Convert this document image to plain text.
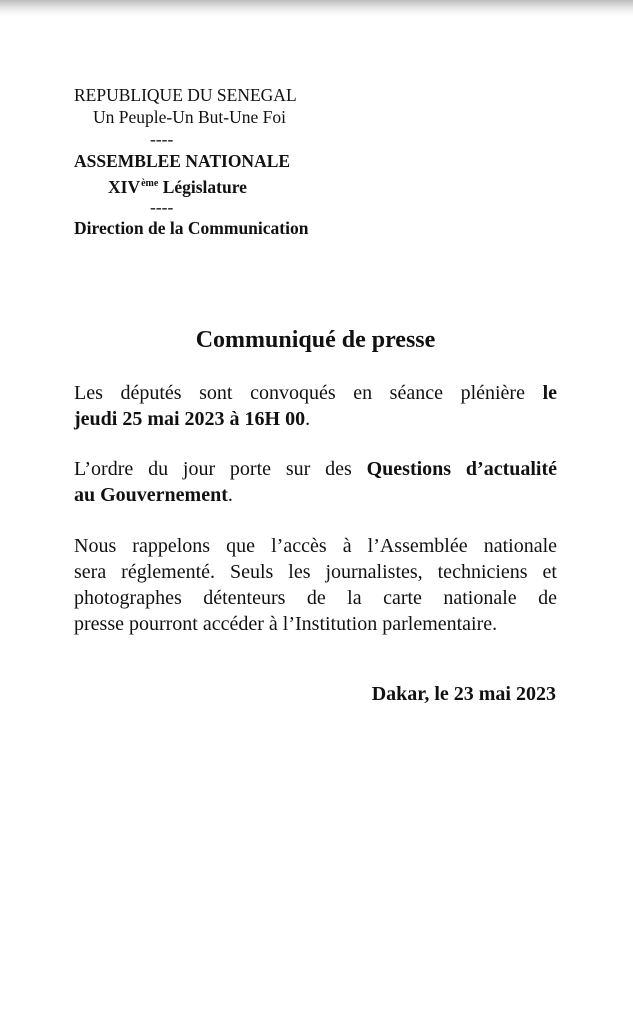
REPUBLIQUE DU SENEGAL
Un Peuple-Un But-Une Foi
----
ASSEMBLEE NATIONALE
XIVème Législature
----
Direction de la Communication
Communiqué de presse
Les députés sont convoqués en séance plénière le
jeudi 25 mai 2023 à 16H 00.
L’ordre du jour porte sur des Questions d’actualité
au Gouvernement.
Nous rappelons que l’accès à l’Assemblée nationale
sera réglementé. Seuls les journalistes, techniciens et
photographes détenteurs de la carte nationale de
presse pourront accéder à l’Institution parlementaire.
Dakar, le 23 mai 2023
